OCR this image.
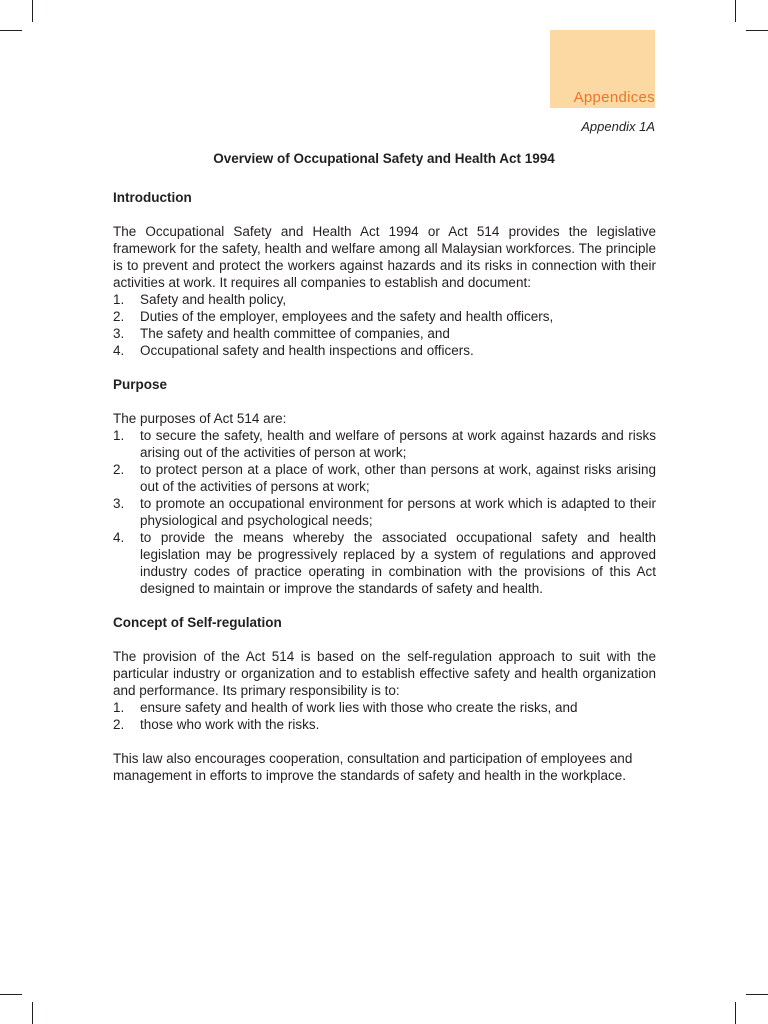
Appendices
Appendix 1A
Overview of Occupational Safety and Health Act 1994
Introduction

The Occupational Safety and Health Act 1994 or Act 514 provides the legislative framework for the safety, health and welfare among all Malaysian workforces. The principle is to prevent and protect the workers against hazards and its risks in connection with their activities at work. It requires all companies to establish and document:

1.	Safety and health policy,
2.	Duties of the employer, employees and the safety and health officers,
3.	The safety and health committee of companies, and
4.	Occupational safety and health inspections and officers.
Purpose

The purposes of Act 514 are:

1.	to secure the safety, health and welfare of persons at work against hazards and risks arising out of the activities of person at work;
2.	to protect person at a place of work, other than persons at work, against risks arising out of the activities of persons at work;
3.	to promote an occupational environment for persons at work which is adapted to their physiological and psychological needs;
4.	to provide the means whereby the associated occupational safety and health legislation may be progressively replaced by a system of regulations and approved industry codes of practice operating in combination with the provisions of this Act designed to maintain or improve the standards of safety and health.
Concept of Self-regulation

The provision of the Act 514 is based on the self-regulation approach to suit with the particular industry or organization and to establish effective safety and health organization and performance. Its primary responsibility is to:

1.	ensure safety and health of work lies with those who create the risks, and
2.	those who work with the risks.

This law also encourages cooperation, consultation and participation of employees and management in efforts to improve the standards of safety and health in the workplace.
